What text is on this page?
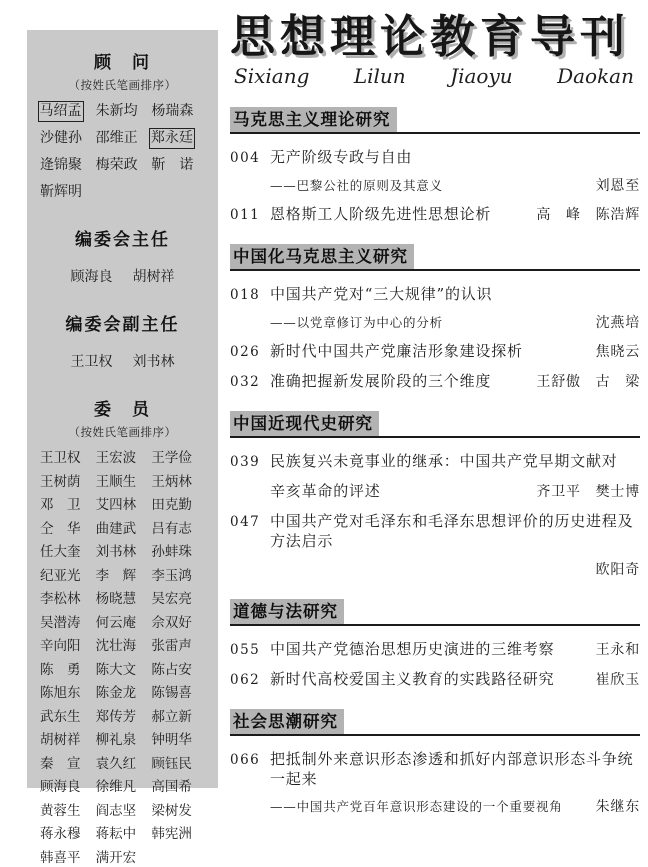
顾　问
（按姓氏笔画排序）
马绍孟 朱新均 杨瑞森
沙健孙 邵维正 郑永廷
逄锦聚 梅荣政 靳　诺
靳辉明
编委会主任
顾海良 胡树祥
编委会副主任
王卫权 刘书林
委　员
（按姓氏笔画排序）
王卫权 王宏波 王学俭
王树荫 王顺生 王炳林
邓　卫 艾四林 田克勤
仝　华 曲建武 吕有志
任大奎 刘书林 孙蚌珠
纪亚光 李　辉 李玉鸿
李松林 杨晓慧 吴宏亮
吴潜涛 何云庵 佘双好
辛向阳 沈壮海 张雷声
陈　勇 陈大文 陈占安
陈旭东 陈金龙 陈锡喜
武东生 郑传芳 郝立新
胡树祥 柳礼泉 钟明华
秦　宣 袁久红 顾钰民
顾海良 徐维凡 高国希
黄蓉生 阎志坚 梁树发
蒋永穆 蒋耘中 韩宪洲
韩喜平 满开宏
思想理论教育导刊
Sixiang Lilun Jiaoyu Daokan
马克思主义理论研究
004 无产阶级专政与自由
——巴黎公社的原则及其意义	刘恩至
011 恩格斯工人阶级先进性思想论析	高　峰　陈浩辉
中国化马克思主义研究
018 中国共产党对“三大规律”的认识
——以党章修订为中心的分析	沈燕培
026 新时代中国共产党廉洁形象建设探析	焦晓云
032 准确把握新发展阶段的三个维度	王舒傲　古　梁
中国近现代史研究
039 民族复兴未竟事业的继承：中国共产党早期文献对
辛亥革命的评述	齐卫平　樊士博
047 中国共产党对毛泽东和毛泽东思想评价的历史进程及方法启示
欧阳奇
道德与法研究
055 中国共产党德治思想历史演进的三维考察	王永和
062 新时代高校爱国主义教育的实践路径研究	崔欣玉
社会思潮研究
066 把抵制外来意识形态渗透和抓好内部意识形态斗争统一起来
——中国共产党百年意识形态建设的一个重要视角	朱继东
